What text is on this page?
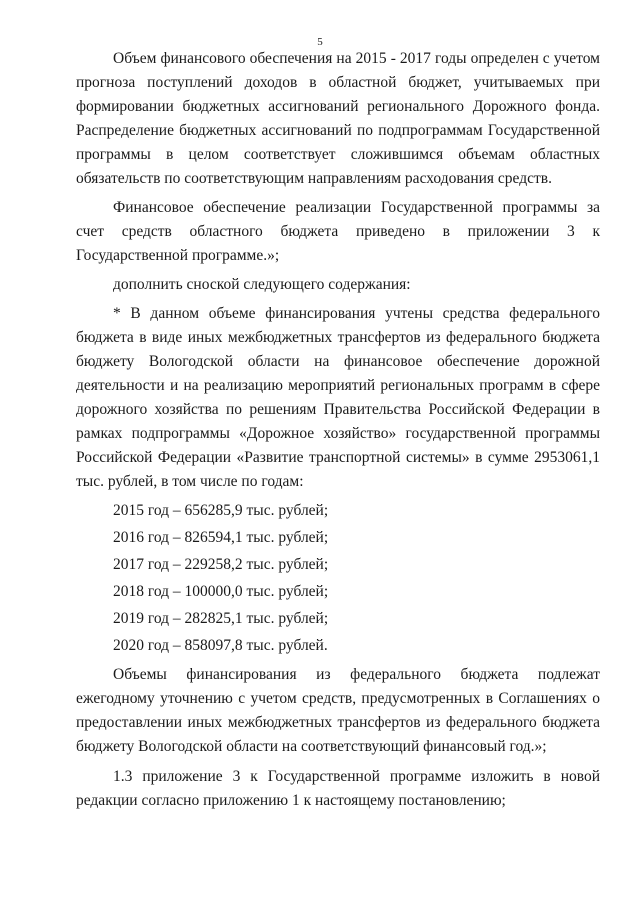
5

Объем финансового обеспечения на 2015 - 2017 годы определен с учетом прогноза поступлений доходов в областной бюджет, учитываемых при формировании бюджетных ассигнований регионального Дорожного фонда. Распределение бюджетных ассигнований по подпрограммам Государственной программы в целом соответствует сложившимся объемам областных обязательств по соответствующим направлениям расходования средств.

Финансовое обеспечение реализации Государственной программы за счет средств областного бюджета приведено в приложении 3 к Государственной программе.»;

дополнить сноской следующего содержания:

* В данном объеме финансирования учтены средства федерального бюджета в виде иных межбюджетных трансфертов из федерального бюджета бюджету Вологодской области на финансовое обеспечение дорожной деятельности и на реализацию мероприятий региональных программ в сфере дорожного хозяйства по решениям Правительства Российской Федерации в рамках подпрограммы «Дорожное хозяйство» государственной программы Российской Федерации «Развитие транспортной системы» в сумме 2953061,1 тыс. рублей, в том числе по годам:

2015 год – 656285,9 тыс. рублей;
2016 год – 826594,1 тыс. рублей;
2017 год – 229258,2 тыс. рублей;
2018 год – 100000,0 тыс. рублей;
2019 год – 282825,1 тыс. рублей;
2020 год – 858097,8 тыс. рублей.

Объемы финансирования из федерального бюджета подлежат ежегодному уточнению с учетом средств, предусмотренных в Соглашениях о предоставлении иных межбюджетных трансфертов из федерального бюджета бюджету Вологодской области на соответствующий финансовый год.»;

1.3 приложение 3 к Государственной программе изложить в новой редакции согласно приложению 1 к настоящему постановлению;
